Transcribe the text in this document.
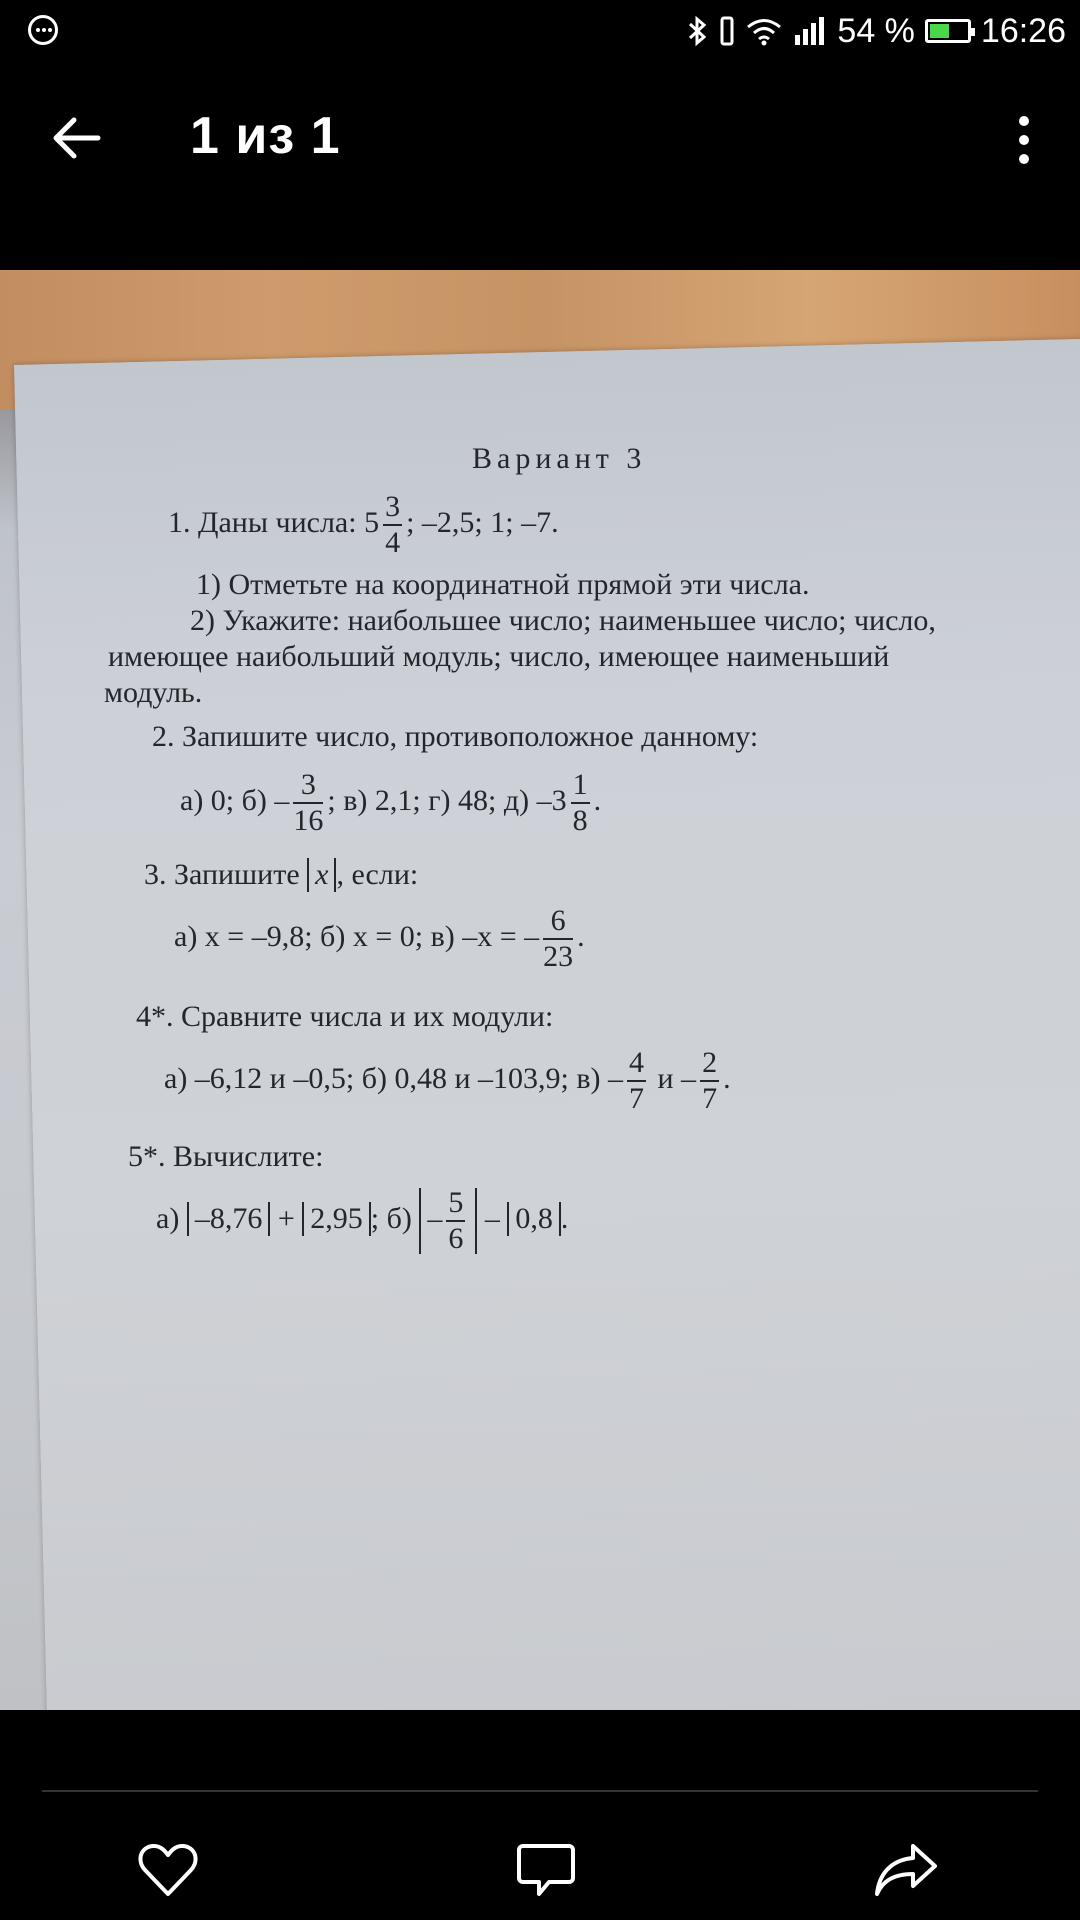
54 % 16:26
1 из 1
Вариант 3
1. Даны числа: $5 \frac{3}{4}$ ; –2,5; 1; –7.
1) Отметьте на координатной прямой эти числа.
2) Укажите: наибольшее число; наименьшее число; число,
имеющее наибольший модуль; число, имеющее наименьший
модуль.
2. Запишите число, противоположное данному:
а) 0; $б) - \frac{3}{16}$ ; в) 2,1; г) 48; д) $-3 \frac{1}{8}$ .
3. Запишите x , если:
а) x = –9,8; б) x = 0; в) –x = – $\frac{6}{23}$ .
4*. Сравните числа и их модули:
а) –6,12 и –0,5; б) 0,48 и –103,9; $в) - \frac{4}{7}$ и – $\frac{2}{7}$ .
5*. Вычислите:
а) –8,76 + 2,95 ; $б) - \frac{5}{6} - 0,8$ .
